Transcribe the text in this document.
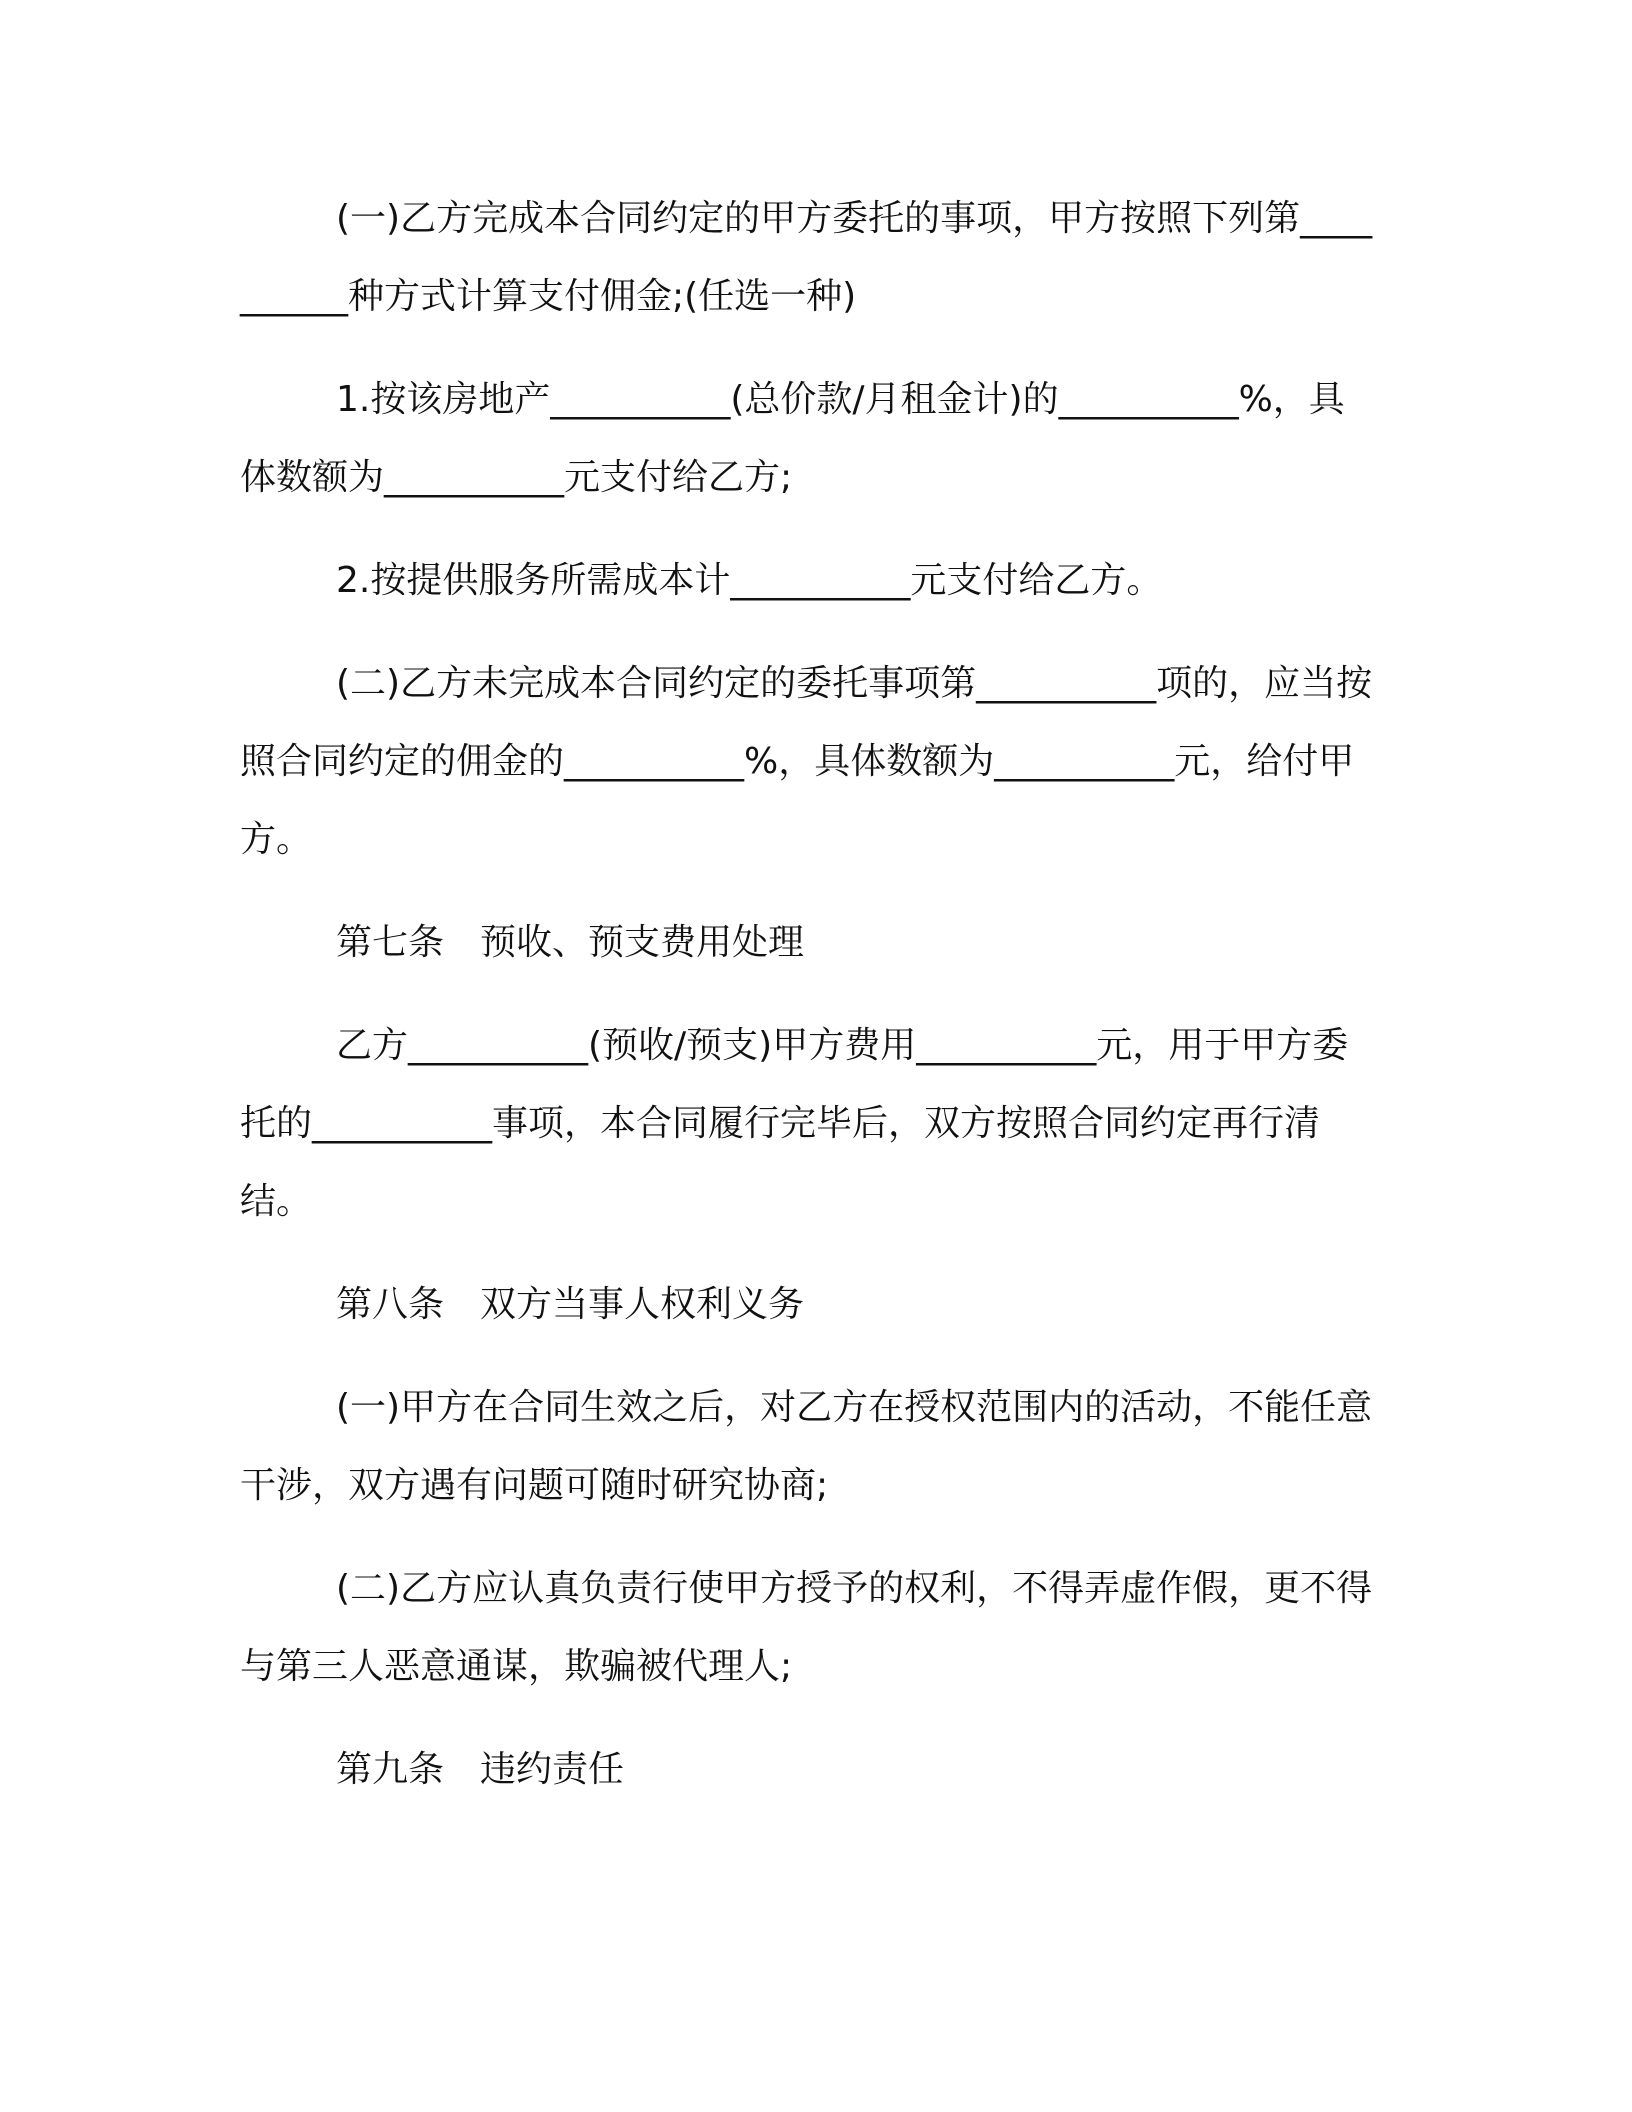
(一)乙方完成本合同约定的甲方委托的事项，甲方按照下列第__________种方式计算支付佣金;(任选一种)

1.按该房地产__________(总价款/月租金计)的__________%，具体数额为__________元支付给乙方;

2.按提供服务所需成本计__________元支付给乙方。

(二)乙方未完成本合同约定的委托事项第__________项的，应当按照合同约定的佣金的__________%，具体数额为__________元，给付甲方。

第七条　预收、预支费用处理

乙方__________(预收/预支)甲方费用__________元，用于甲方委托的__________事项，本合同履行完毕后，双方按照合同约定再行清结。

第八条　双方当事人权利义务

(一)甲方在合同生效之后，对乙方在授权范围内的活动，不能任意干涉，双方遇有问题可随时研究协商;

(二)乙方应认真负责行使甲方授予的权利，不得弄虚作假，更不得与第三人恶意通谋，欺骗被代理人;

第九条　违约责任
